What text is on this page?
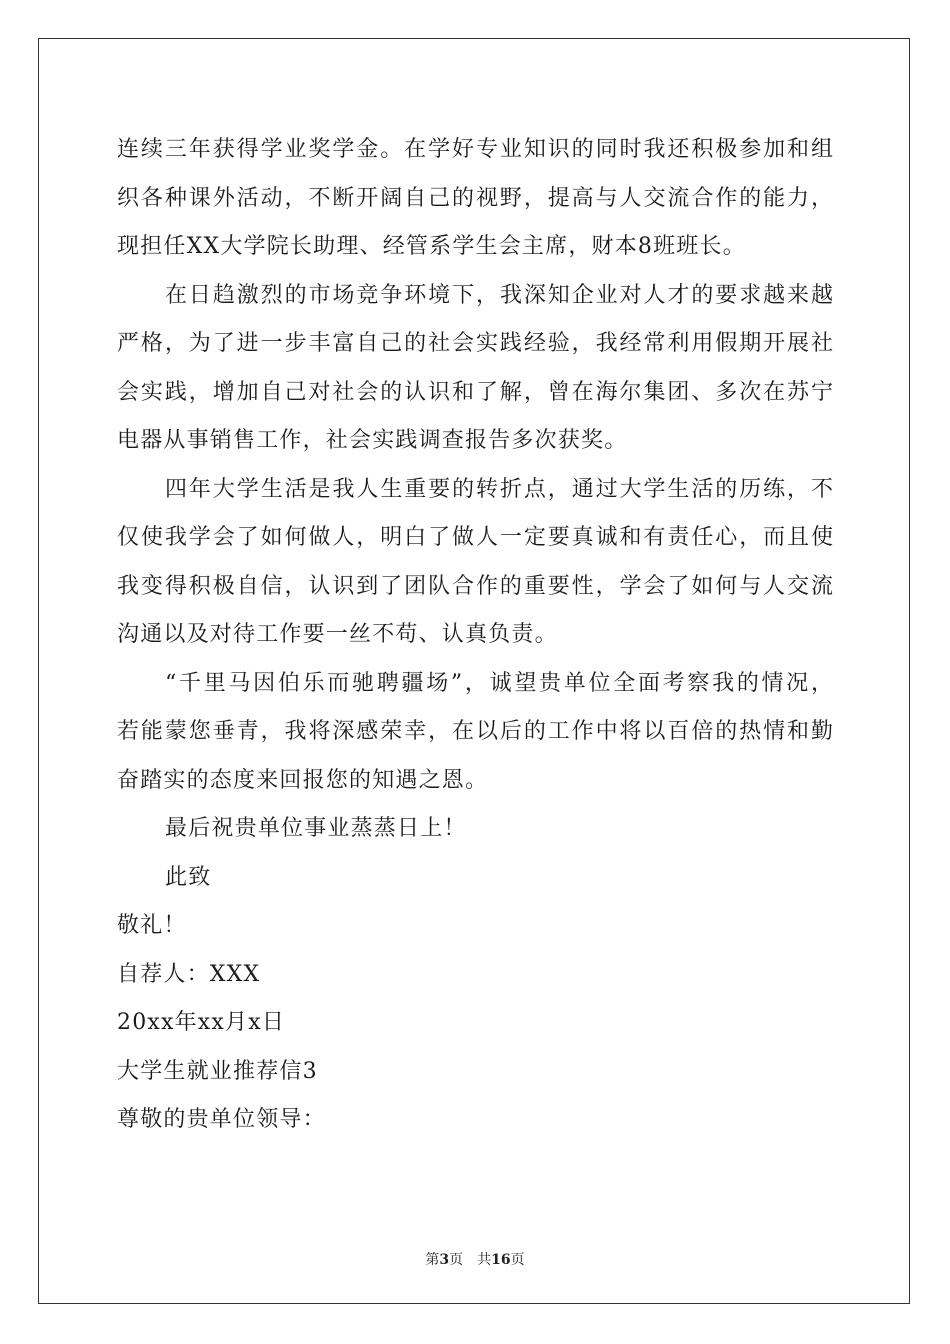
连续三年获得学业奖学金。在学好专业知识的同时我还积极参加和组
织各种课外活动，不断开阔自己的视野，提高与人交流合作的能力，
现担任XX大学院长助理、经管系学生会主席，财本8班班长。
在日趋激烈的市场竞争环境下，我深知企业对人才的要求越来越
严格，为了进一步丰富自己的社会实践经验，我经常利用假期开展社
会实践，增加自己对社会的认识和了解，曾在海尔集团、多次在苏宁
电器从事销售工作，社会实践调查报告多次获奖。
四年大学生活是我人生重要的转折点，通过大学生活的历练，不
仅使我学会了如何做人，明白了做人一定要真诚和有责任心，而且使
我变得积极自信，认识到了团队合作的重要性，学会了如何与人交流
沟通以及对待工作要一丝不苟、认真负责。
“千里马因伯乐而驰聘疆场”，诚望贵单位全面考察我的情况，
若能蒙您垂青，我将深感荣幸，在以后的工作中将以百倍的热情和勤
奋踏实的态度来回报您的知遇之恩。
最后祝贵单位事业蒸蒸日上！
此致
敬礼！
自荐人：XXX
20xx年xx月x日
大学生就业推荐信3
尊敬的贵单位领导：
第3页 共16页
